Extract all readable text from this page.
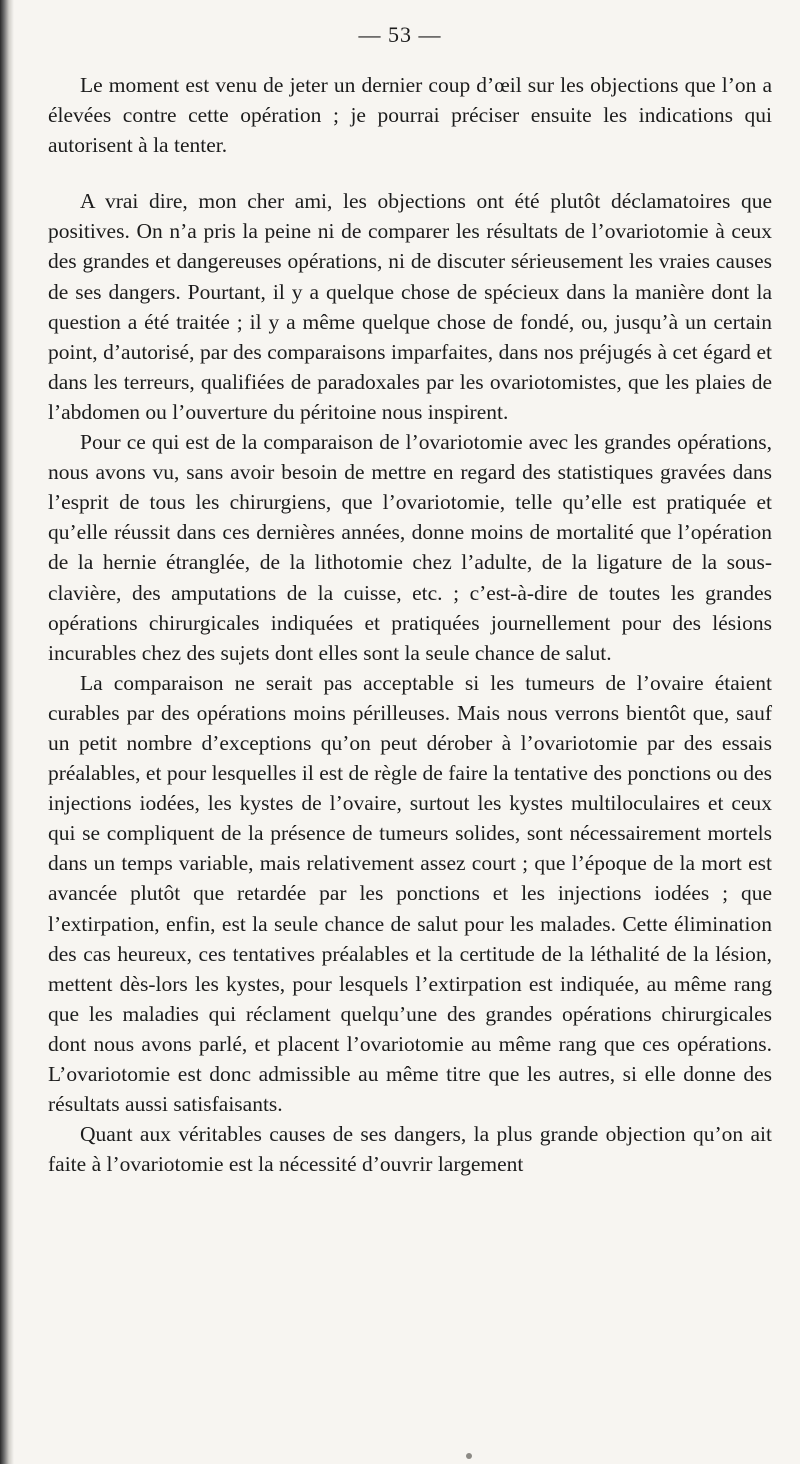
— 53 —

Le moment est venu de jeter un dernier coup d’œil sur les objections que l’on a élevées contre cette opération ; je pourrai préciser ensuite les indications qui autorisent à la tenter.

A vrai dire, mon cher ami, les objections ont été plutôt déclamatoires que positives. On n’a pris la peine ni de comparer les résultats de l’ovariotomie à ceux des grandes et dangereuses opérations, ni de discuter sérieusement les vraies causes de ses dangers. Pourtant, il y a quelque chose de spécieux dans la manière dont la question a été traitée ; il y a même quelque chose de fondé, ou, jusqu’à un certain point, d’autorisé, par des comparaisons imparfaites, dans nos préjugés à cet égard et dans les terreurs, qualifiées de paradoxales par les ovariotomistes, que les plaies de l’abdomen ou l’ouverture du péritoine nous inspirent.

Pour ce qui est de la comparaison de l’ovariotomie avec les grandes opérations, nous avons vu, sans avoir besoin de mettre en regard des statistiques gravées dans l’esprit de tous les chirurgiens, que l’ovariotomie, telle qu’elle est pratiquée et qu’elle réussit dans ces dernières années, donne moins de mortalité que l’opération de la hernie étranglée, de la lithotomie chez l’adulte, de la ligature de la sous-clavière, des amputations de la cuisse, etc. ; c’est-à-dire de toutes les grandes opérations chirurgicales indiquées et pratiquées journellement pour des lésions incurables chez des sujets dont elles sont la seule chance de salut.

La comparaison ne serait pas acceptable si les tumeurs de l’ovaire étaient curables par des opérations moins périlleuses. Mais nous verrons bientôt que, sauf un petit nombre d’exceptions qu’on peut dérober à l’ovariotomie par des essais préalables, et pour lesquelles il est de règle de faire la tentative des ponctions ou des injections iodées, les kystes de l’ovaire, surtout les kystes multiloculaires et ceux qui se compliquent de la présence de tumeurs solides, sont nécessairement mortels dans un temps variable, mais relativement assez court ; que l’époque de la mort est avancée plutôt que retardée par les ponctions et les injections iodées ; que l’extirpation, enfin, est la seule chance de salut pour les malades. Cette élimination des cas heureux, ces tentatives préalables et la certitude de la léthalité de la lésion, mettent dès-lors les kystes, pour lesquels l’extirpation est indiquée, au même rang que les maladies qui réclament quelqu’une des grandes opérations chirurgicales dont nous avons parlé, et placent l’ovariotomie au même rang que ces opérations. L’ovariotomie est donc admissible au même titre que les autres, si elle donne des résultats aussi satisfaisants.

Quant aux véritables causes de ses dangers, la plus grande objection qu’on ait faite à l’ovariotomie est la nécessité d’ouvrir largement
